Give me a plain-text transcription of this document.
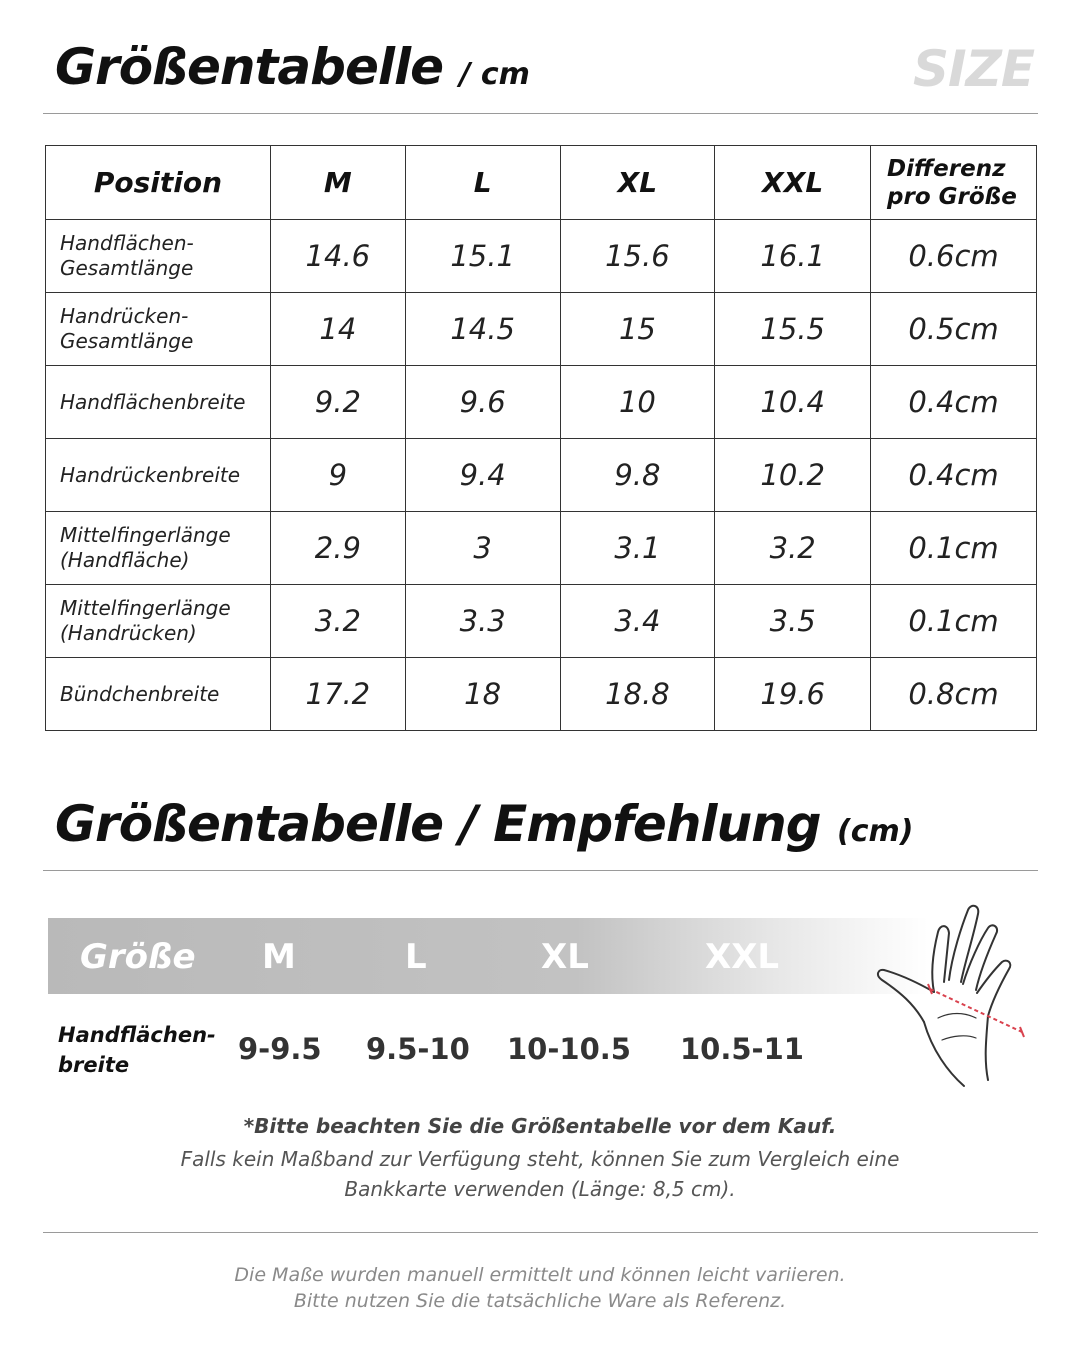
Größentabelle / cm	SIZE
Position	M	L	XL	XXL	Differenz
pro Größe

Handflächen-
Gesamtlänge	14.6	15.1	15.6	16.1	0.6cm

Handrücken-
Gesamtlänge	14	14.5	15	15.5	0.5cm

Handflächenbreite	9.2	9.6	10	10.4	0.4cm

Handrückenbreite	9	9.4	9.8	10.2	0.4cm

Mittelfingerlänge
(Handfläche)	2.9	3	3.1	3.2	0.1cm

Mittelfingerlänge
(Handrücken)	3.2	3.3	3.4	3.5	0.1cm

Bündchenbreite	17.2	18	18.8	19.6	0.8cm
Größentabelle / Empfehlung (cm)
Größe M	L	XL	XXL
Handflächen-
breite	9-9.5 9.5-10 10-10.5 10.5-11
*Bitte beachten Sie die Größentabelle vor dem Kauf.
Falls kein Maßband zur Verfügung steht, können Sie zum Vergleich eine
Bankkarte verwenden (Länge: 8,5 cm).
Die Maße wurden manuell ermittelt und können leicht variieren.
Bitte nutzen Sie die tatsächliche Ware als Referenz.
